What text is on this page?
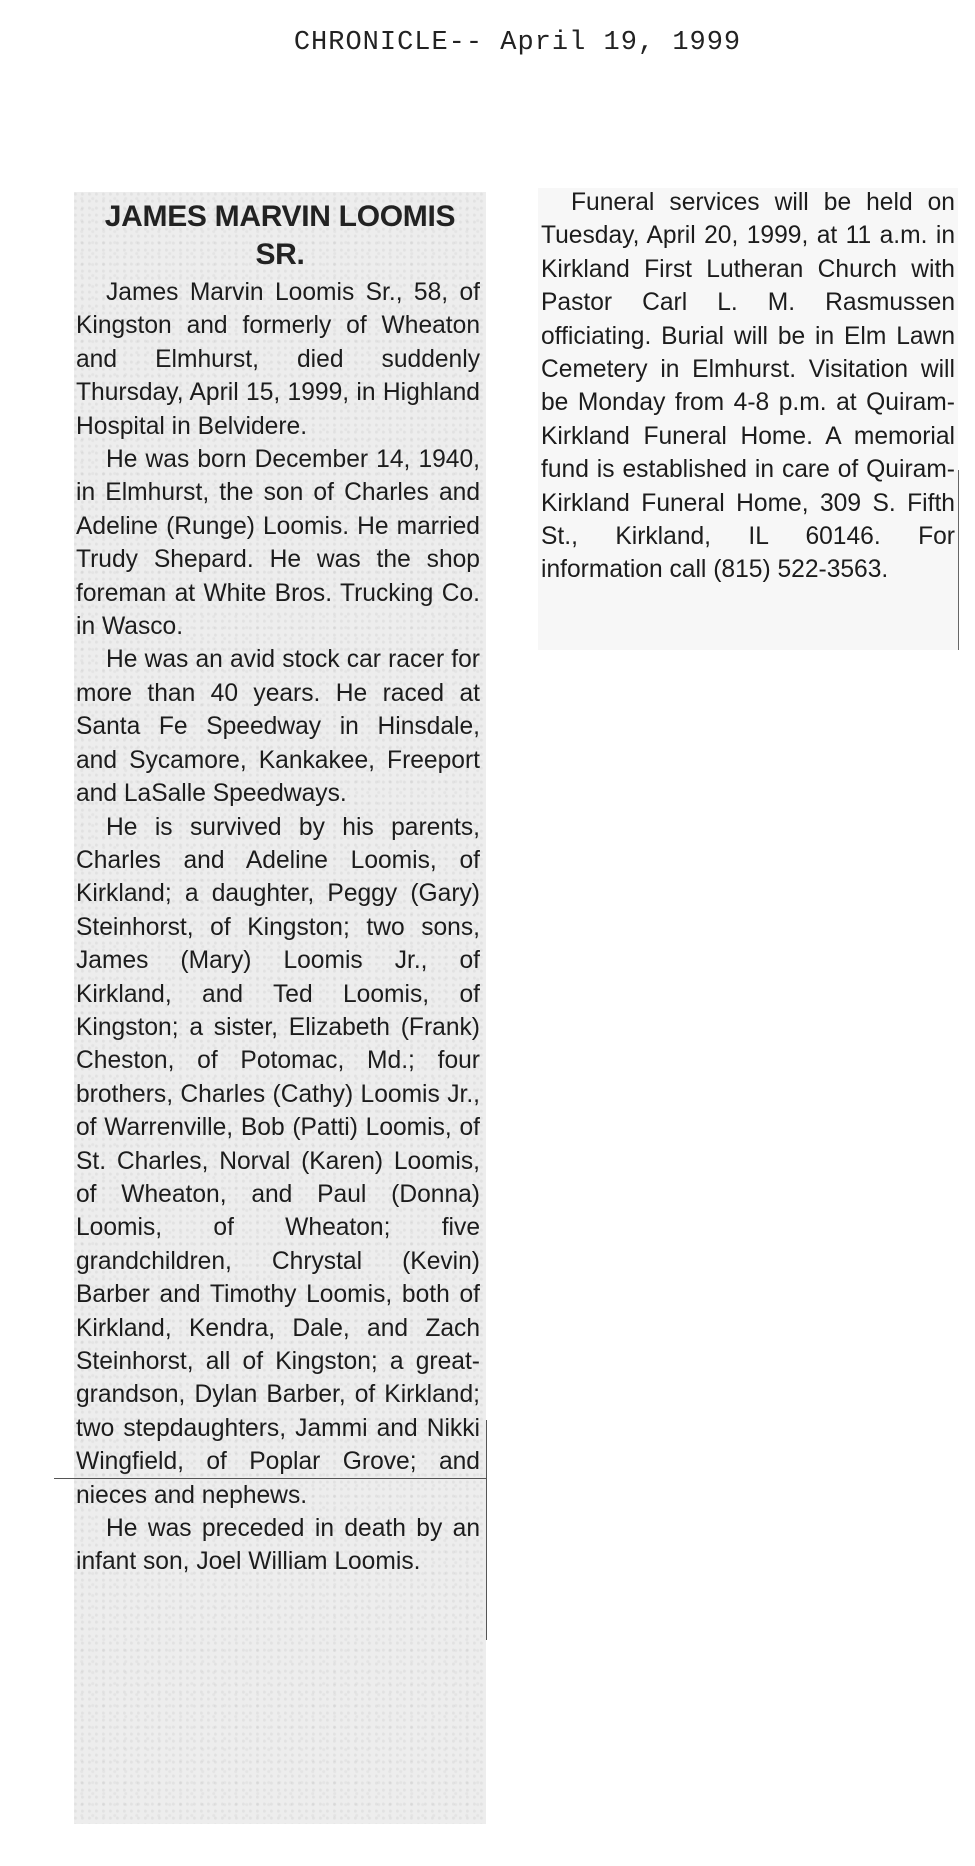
CHRONICLE-- April 19, 1999
JAMES MARVIN LOOMIS
SR.

James Marvin Loomis Sr., 58, of Kingston and formerly of Wheaton and Elmhurst, died suddenly Thursday, April 15, 1999, in Highland Hospital in Belvidere.

He was born December 14, 1940, in Elmhurst, the son of Charles and Adeline (Runge) Loomis. He married Trudy Shepard. He was the shop foreman at White Bros. Trucking Co. in Wasco.

He was an avid stock car racer for more than 40 years. He raced at Santa Fe Speedway in Hinsdale, and Sycamore, Kankakee, Freeport and LaSalle Speedways.

He is survived by his parents, Charles and Adeline Loomis, of Kirkland; a daughter, Peggy (Gary) Steinhorst, of Kingston; two sons, James (Mary) Loomis Jr., of Kirkland, and Ted Loomis, of Kingston; a sister, Elizabeth (Frank) Cheston, of Potomac, Md.; four brothers, Charles (Cathy) Loomis Jr., of Warrenville, Bob (Patti) Loomis, of St. Charles, Norval (Karen) Loomis, of Wheaton, and Paul (Donna) Loomis, of Wheaton; five grandchildren, Chrystal (Kevin) Barber and Timothy Loomis, both of Kirkland, Kendra, Dale, and Zach Steinhorst, all of Kingston; a great-grandson, Dylan Barber, of Kirkland; two stepdaughters, Jammi and Nikki Wingfield, of Poplar Grove; and nieces and nephews.

He was preceded in death by an infant son, Joel William Loomis.

Funeral services will be held on Tuesday, April 20, 1999, at 11 a.m. in Kirkland First Lutheran Church with Pastor Carl L. M. Rasmussen officiating. Burial will be in Elm Lawn Cemetery in Elmhurst. Visitation will be Monday from 4-8 p.m. at Quiram-Kirkland Funeral Home. A memorial fund is established in care of Quiram-Kirkland Funeral Home, 309 S. Fifth St., Kirkland, IL 60146. For information call (815) 522-3563.
